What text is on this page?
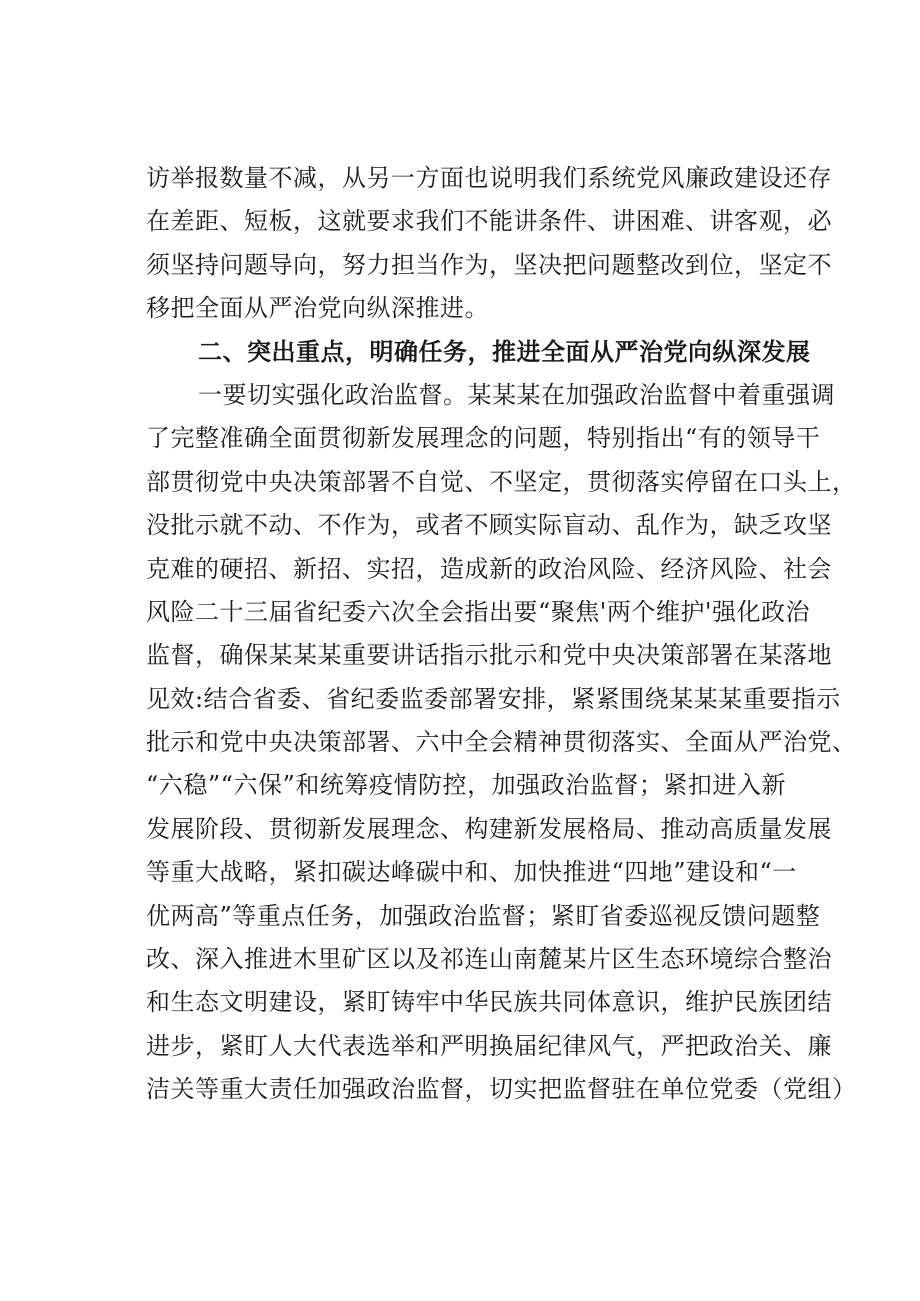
访举报数量不减，从另一方面也说明我们系统党风廉政建设还存
在差距、短板，这就要求我们不能讲条件、讲困难、讲客观，必
须坚持问题导向，努力担当作为，坚决把问题整改到位，坚定不
移把全面从严治党向纵深推进。
二、突出重点，明确任务，推进全面从严治党向纵深发展
一要切实强化政治监督。某某某在加强政治监督中着重强调
了完整准确全面贯彻新发展理念的问题，特别指出“有的领导干
部贯彻党中央决策部署不自觉、不坚定，贯彻落实停留在口头上，
没批示就不动、不作为，或者不顾实际盲动、乱作为，缺乏攻坚
克难的硬招、新招、实招，造成新的政治风险、经济风险、社会
风险二十三届省纪委六次全会指出要“聚焦'两个维护'强化政治
监督，确保某某某重要讲话指示批示和党中央决策部署在某落地
见效:结合省委、省纪委监委部署安排，紧紧围绕某某某重要指示
批示和党中央决策部署、六中全会精神贯彻落实、全面从严治党、
“六稳”“六保”和统筹疫情防控，加强政治监督；紧扣进入新
发展阶段、贯彻新发展理念、构建新发展格局、推动高质量发展
等重大战略，紧扣碳达峰碳中和、加快推进“四地”建设和“一
优两高”等重点任务，加强政治监督；紧盯省委巡视反馈问题整
改、深入推进木里矿区以及祁连山南麓某片区生态环境综合整治
和生态文明建设，紧盯铸牢中华民族共同体意识，维护民族团结
进步，紧盯人大代表选举和严明换届纪律风气，严把政治关、廉
洁关等重大责任加强政治监督，切实把监督驻在单位党委（党组）
